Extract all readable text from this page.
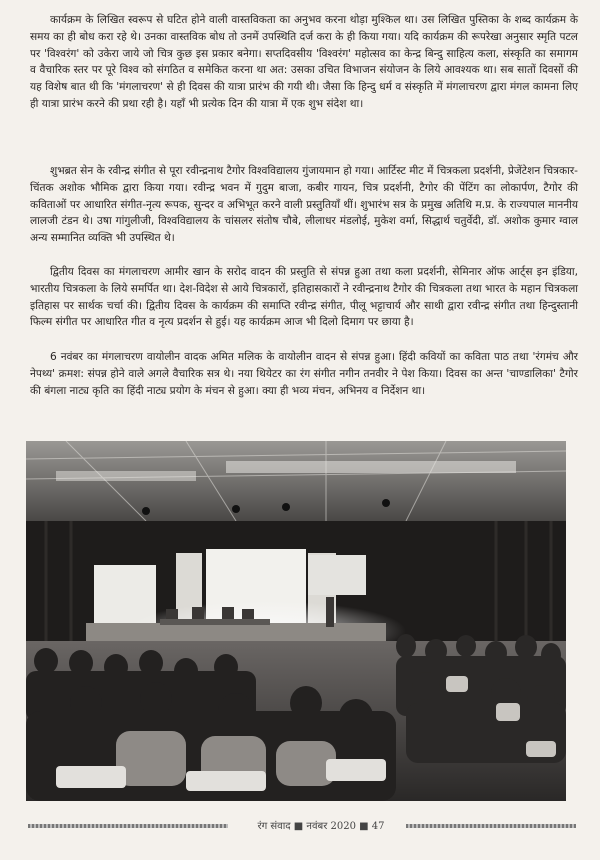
कार्यक्रम के लिखित स्वरूप से घटित होने वाली वास्तविकता का अनुभव करना थोड़ा मुश्किल था। उस लिखित पुस्तिका के शब्द कार्यक्रम के समय का ही बोध करा रहे थे। उनका वास्तविक बोध तो उनमें उपस्थिति दर्ज करा के ही किया गया। यदि कार्यक्रम की रूपरेखा अनुसार स्मृति पटल पर 'विश्वरंग' को उकेरा जाये जो चित्र कुछ इस प्रकार बनेगा। सप्तदिवसीय 'विश्वरंग' महोत्सव का केन्द्र बिन्दु साहित्य कला, संस्कृति का समागम व वैचारिक स्तर पर पूरे विश्व को संगठित व समेकित करना था अत: उसका उचित विभाजन संयोजन के लिये आवश्यक था। सब सातों दिवसों की यह विशेष बात थी कि 'मंगलाचरण' से ही दिवस की यात्रा प्रारंभ की गयी थी। जैसा कि हिन्दु धर्म व संस्कृति में मंगलाचरण द्वारा मंगल कामना लिए ही यात्रा प्रारंभ करने की प्रथा रही है। यहाँ भी प्रत्येक दिन की यात्रा में एक शुभ संदेश था।

शुभब्रत सेन के रवीन्द्र संगीत से पूरा रवीन्द्रनाथ टैगोर विश्वविद्यालय गुंजायमान हो गया। आर्टिस्ट मीट में चित्रकला प्रदर्शनी, प्रेजेंटेशन चित्रकार-चिंतक अशोक भौमिक द्वारा किया गया। रवीन्द्र भवन में गुदुम बाजा, कबीर गायन, चित्र प्रदर्शनी, टैगोर की पेंटिंग का लोकार्पण, टैगोर की कविताओं पर आधारित संगीत-नृत्य रूपक, सुन्दर व अभिभूत करने वाली प्रस्तुतियाँ थीं। शुभारंभ सत्र के प्रमुख अतिथि म.प्र. के राज्यपाल माननीय लालजी टंडन थे। उषा गांगुलीजी, विश्वविद्यालय के चांसलर संतोष चौबे, लीलाधर मंडलोई, मुकेश वर्मा, सिद्धार्थ चतुर्वेदी, डॉ. अशोक कुमार ग्वाल अन्य सम्मानित व्यक्ति भी उपस्थित थे।

द्वितीय दिवस का मंगलाचरण आमीर खान के सरोद वादन की प्रस्तुति से संपन्न हुआ तथा कला प्रदर्शनी, सेमिनार ऑफ आर्ट्स इन इंडिया, भारतीय चित्रकला के लिये समर्पित था। देश-विदेश से आये चित्रकारों, इतिहासकारों ने रवीन्द्रनाथ टैगोर की चित्रकला तथा भारत के महान चित्रकला इतिहास पर सार्थक चर्चा की। द्वितीय दिवस के कार्यक्रम की समाप्ति रवीन्द्र संगीत, पीलू भट्टाचार्य और साथी द्वारा रवीन्द्र संगीत तथा हिन्दुस्तानी फिल्म संगीत पर आधारित गीत व नृत्य प्रदर्शन से हुई। यह कार्यक्रम आज भी दिलो दिमाग पर छाया है।

6 नवंबर का मंगलाचरण वायोलीन वादक अमित मलिक के वायोलीन वादन से संपन्न हुआ। हिंदी कवियों का कविता पाठ तथा 'रंगमंच और नेपथ्य' क्रमश: संपन्न होने वाले अगले वैचारिक सत्र थे। नया थियेटर का रंग संगीत नगीन तनवीर ने पेश किया। दिवस का अन्त 'चाण्डालिका' टैगोर की बंगला नाट्य कृति का हिंदी नाट्य प्रयोग के मंचन से हुआ। क्या ही भव्य मंचन, अभिनय व निर्देशन था।

रंग संवाद ■ नवंबर 2020 ■ 47
